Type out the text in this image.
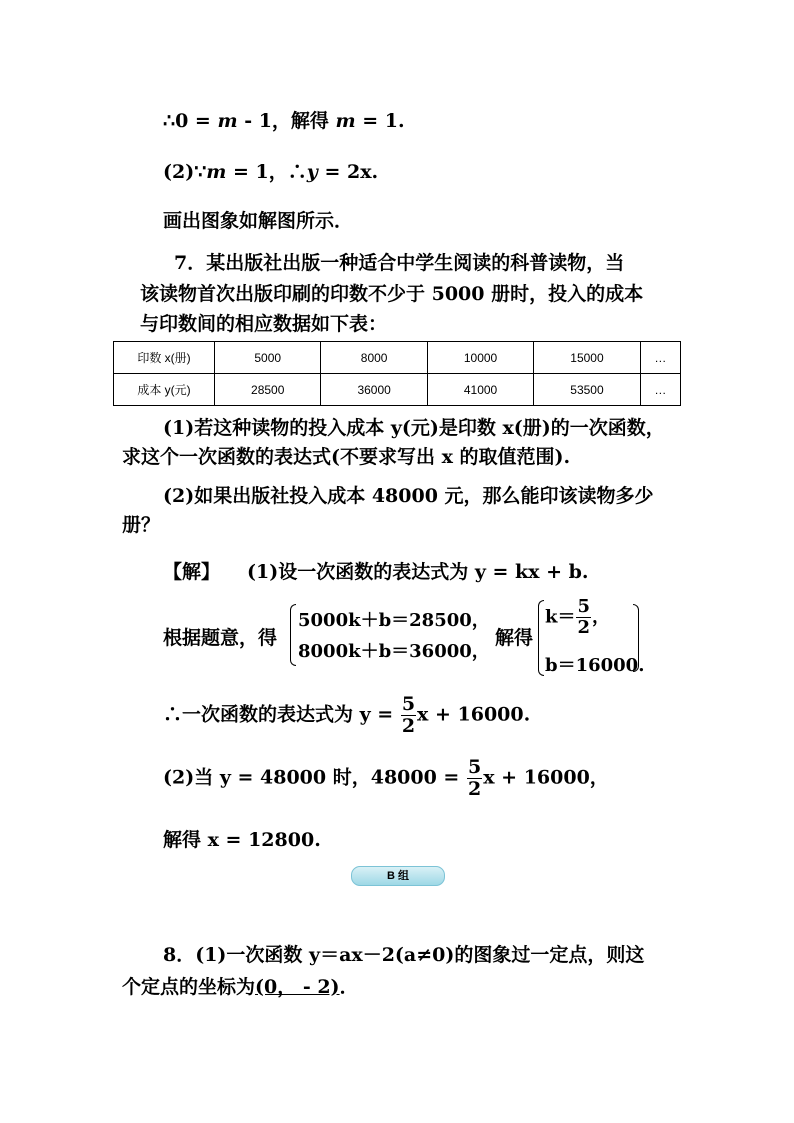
∴0 = m - 1，解得 m = 1.
(2)∵m = 1，∴y = 2x.
画出图象如解图所示．
7．某出版社出版一种适合中学生阅读的科普读物，当
该读物首次出版印刷的印数不少于 5000 册时，投入的成本
与印数间的相应数据如下表：
印数 x(册)	5000	8000	10000	15000	…
成本 y(元)	28500	36000	41000	53500	…
(1)若这种读物的投入成本 y(元)是印数 x(册)的一次函数，
求这个一次函数的表达式(不要求写出 x 的取值范围).
(2)如果出版社投入成本 48000 元，那么能印该读物多少
册？
【解】 (1)设一次函数的表达式为 y = kx + b.
根据题意，得
5000k＋b＝28500，
8000k＋b＝36000，
解得
$k= \frac{5}{2}$ ，
b＝16000.
∴一次函数的表达式为 $y = \frac{5}{2}$ x + 16000.
(2)当 y = 48000 时，$48000 = \frac{5}{2}$ x + 16000，
解得 x = 12800.
B 组
8．(1)一次函数 y＝ax－2(a≠0)的图象过一定点，则这
个定点的坐标为(0， - 2)．
